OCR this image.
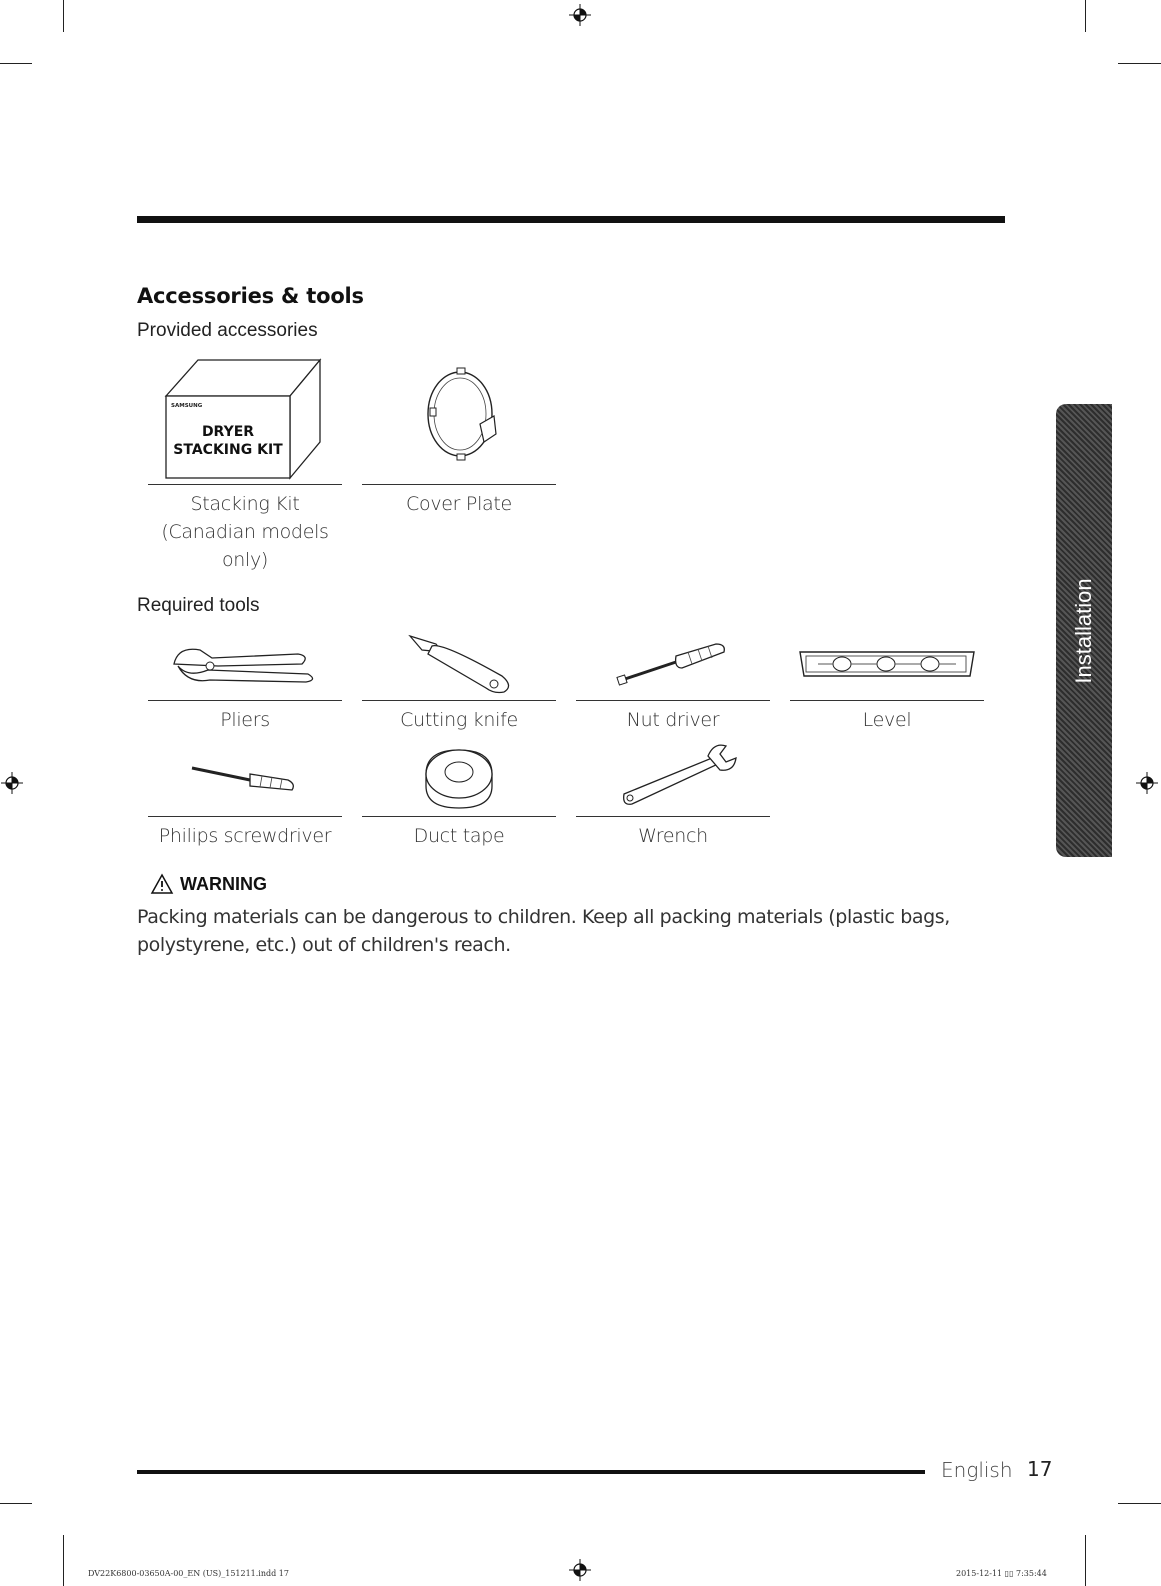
Accessories & tools
Provided accessories
SAMSUNG
DRYER
STACKING KIT
Stacking Kit (Canadian models only)
Cover Plate
Required tools
Pliers	Cutting knife	Nut driver	Level
Philips screwdriver	Duct tape	Wrench
WARNING
Packing materials can be dangerous to children. Keep all packing materials (plastic bags, polystyrene, etc.) out of children's reach.
Installation
English 17
DV22K6800-03650A-00_EN (US)_151211.indd 17	2015-12-11 ▯▯ 7:35:44
